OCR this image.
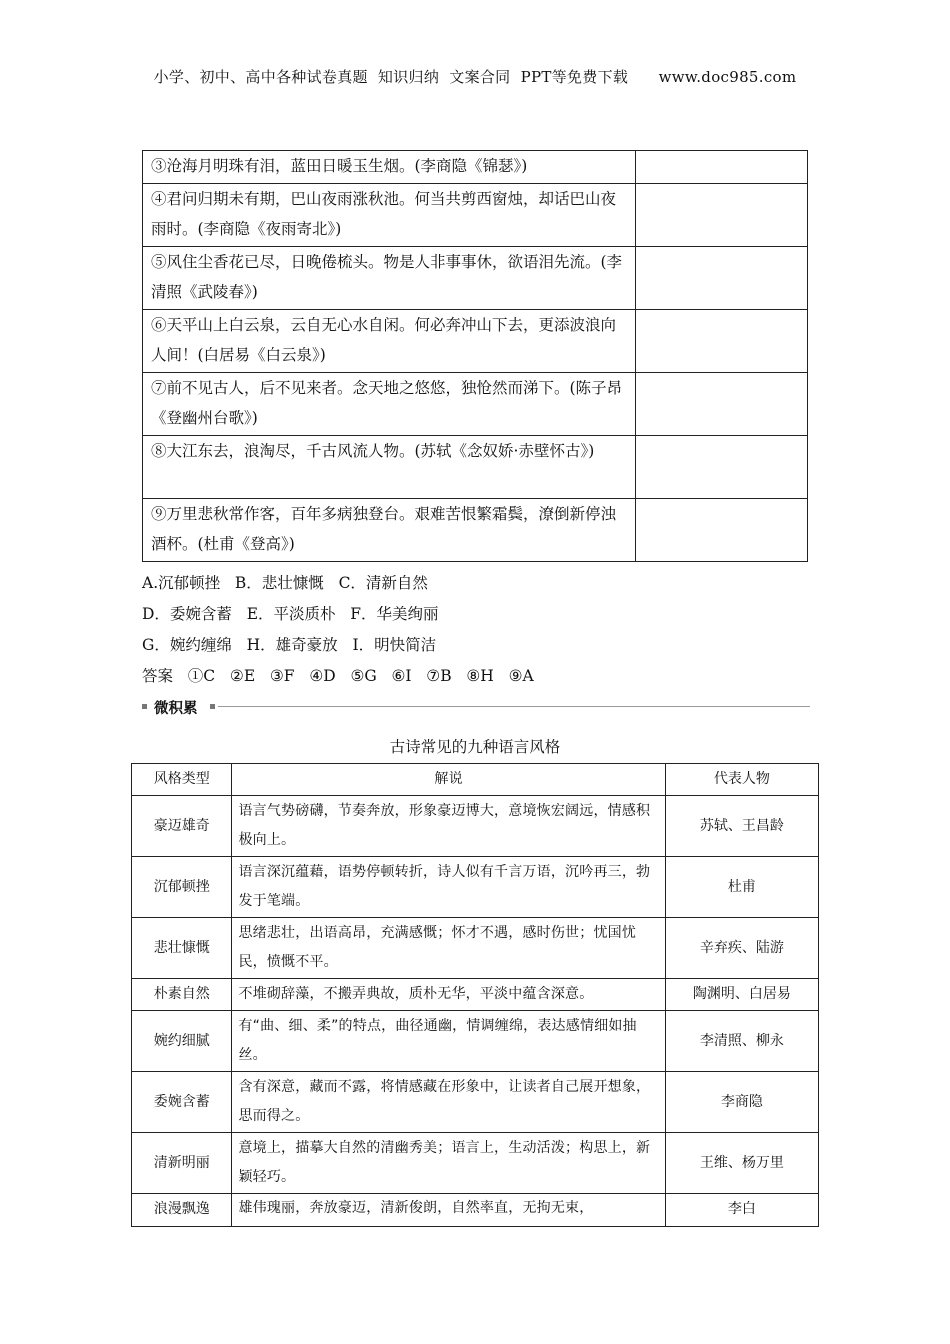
小学、初中、高中各种试卷真题  知识归纳  文案合同  PPT等免费下载      www.doc985.com
③沧海月明珠有泪，蓝田日暖玉生烟。(李商隐《锦瑟》)	
④君问归期未有期，巴山夜雨涨秋池。何当共剪西窗烛，却话巴山夜雨时。(李商隐《夜雨寄北》)	
⑤风住尘香花已尽，日晚倦梳头。物是人非事事休，欲语泪先流。(李清照《武陵春》)	
⑥天平山上白云泉，云自无心水自闲。何必奔冲山下去，更添波浪向人间！(白居易《白云泉》)	
⑦前不见古人，后不见来者。念天地之悠悠，独怆然而涕下。(陈子昂《登幽州台歌》)	
⑧大江东去，浪淘尽，千古风流人物。(苏轼《念奴娇·赤壁怀古》)	
⑨万里悲秋常作客，百年多病独登台。艰难苦恨繁霜鬓，潦倒新停浊酒杯。(杜甫《登高》)	
A.沉郁顿挫   B．悲壮慷慨   C．清新自然
D．委婉含蓄   E．平淡质朴   F．华美绚丽
G．婉约缠绵   H．雄奇豪放   I．明快简洁
答案   ①C   ②E   ③F   ④D   ⑤G   ⑥I   ⑦B   ⑧H   ⑨A
微积累
古诗常见的九种语言风格
风格类型	解说	代表人物
豪迈雄奇	语言气势磅礴，节奏奔放，形象豪迈博大，意境恢宏阔远，情感积极向上。	苏轼、王昌龄
沉郁顿挫	语言深沉蕴藉，语势停顿转折，诗人似有千言万语，沉吟再三，勃发于笔端。	杜甫
悲壮慷慨	思绪悲壮，出语高昂，充满感慨；怀才不遇，感时伤世；忧国忧民，愤慨不平。	辛弃疾、陆游
朴素自然	不堆砌辞藻，不搬弄典故，质朴无华，平淡中蕴含深意。	陶渊明、白居易
婉约细腻	有“曲、细、柔”的特点，曲径通幽，情调缠绵，表达感情细如抽丝。	李清照、柳永
委婉含蓄	含有深意，藏而不露，将情感藏在形象中，让读者自己展开想象，思而得之。	李商隐
清新明丽	意境上，描摹大自然的清幽秀美；语言上，生动活泼；构思上，新颖轻巧。	王维、杨万里
浪漫飘逸	雄伟瑰丽，奔放豪迈，清新俊朗，自然率直，无拘无束，	李白
